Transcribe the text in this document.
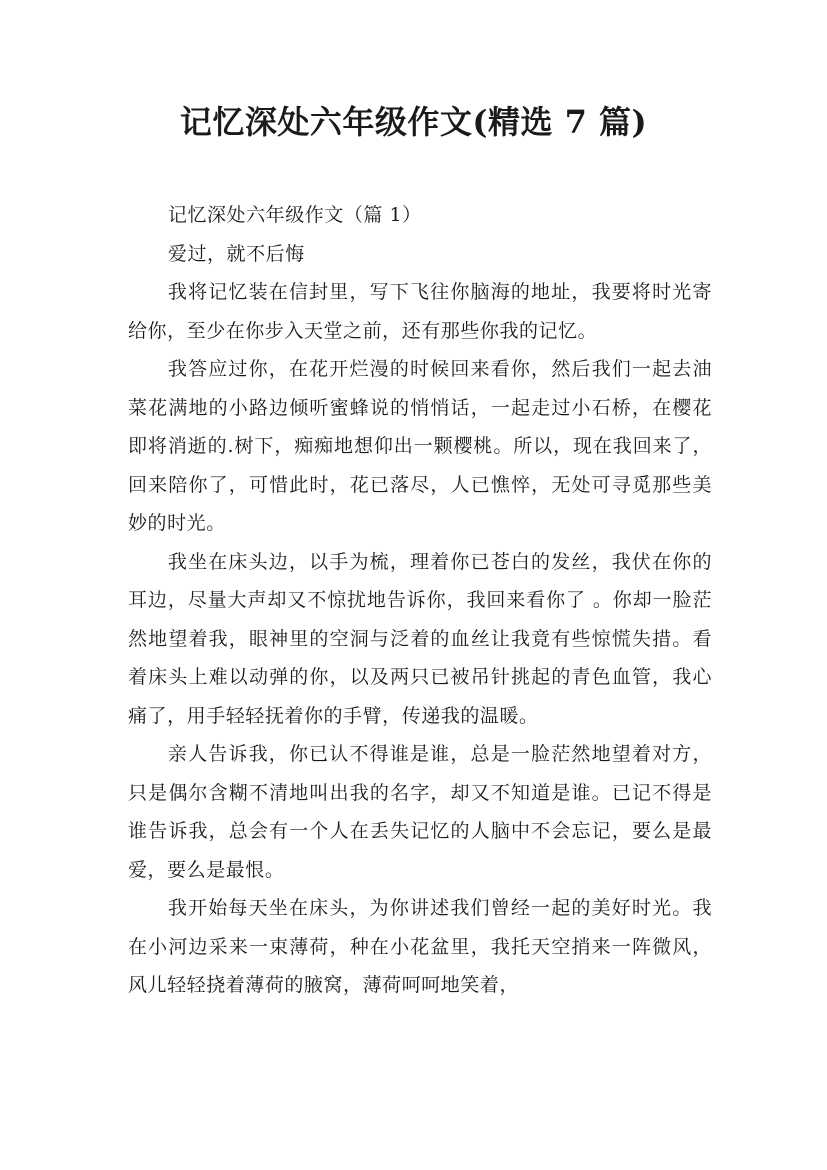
记忆深处六年级作文(精选 7 篇)

记忆深处六年级作文（篇 1）

爱过，就不后悔

我将记忆装在信封里，写下飞往你脑海的地址，我要将时光寄给你，至少在你步入天堂之前，还有那些你我的记忆。

我答应过你，在花开烂漫的时候回来看你，然后我们一起去油菜花满地的小路边倾听蜜蜂说的悄悄话，一起走过小石桥，在樱花即将消逝的.树下，痴痴地想仰出一颗樱桃。所以，现在我回来了，回来陪你了，可惜此时，花已落尽，人已憔悴，无处可寻觅那些美妙的时光。

我坐在床头边，以手为梳，理着你已苍白的发丝，我伏在你的耳边，尽量大声却又不惊扰地告诉你，我回来看你了 。你却一脸茫然地望着我，眼神里的空洞与泛着的血丝让我竟有些惊慌失措。看着床头上难以动弹的你，以及两只已被吊针挑起的青色血管，我心痛了，用手轻轻抚着你的手臂，传递我的温暖。

亲人告诉我，你已认不得谁是谁，总是一脸茫然地望着对方，只是偶尔含糊不清地叫出我的名字，却又不知道是谁。已记不得是谁告诉我，总会有一个人在丢失记忆的人脑中不会忘记，要么是最爱，要么是最恨。

我开始每天坐在床头，为你讲述我们曾经一起的美好时光。我在小河边采来一束薄荷，种在小花盆里，我托天空捎来一阵微风，风儿轻轻挠着薄荷的腋窝，薄荷呵呵地笑着，
